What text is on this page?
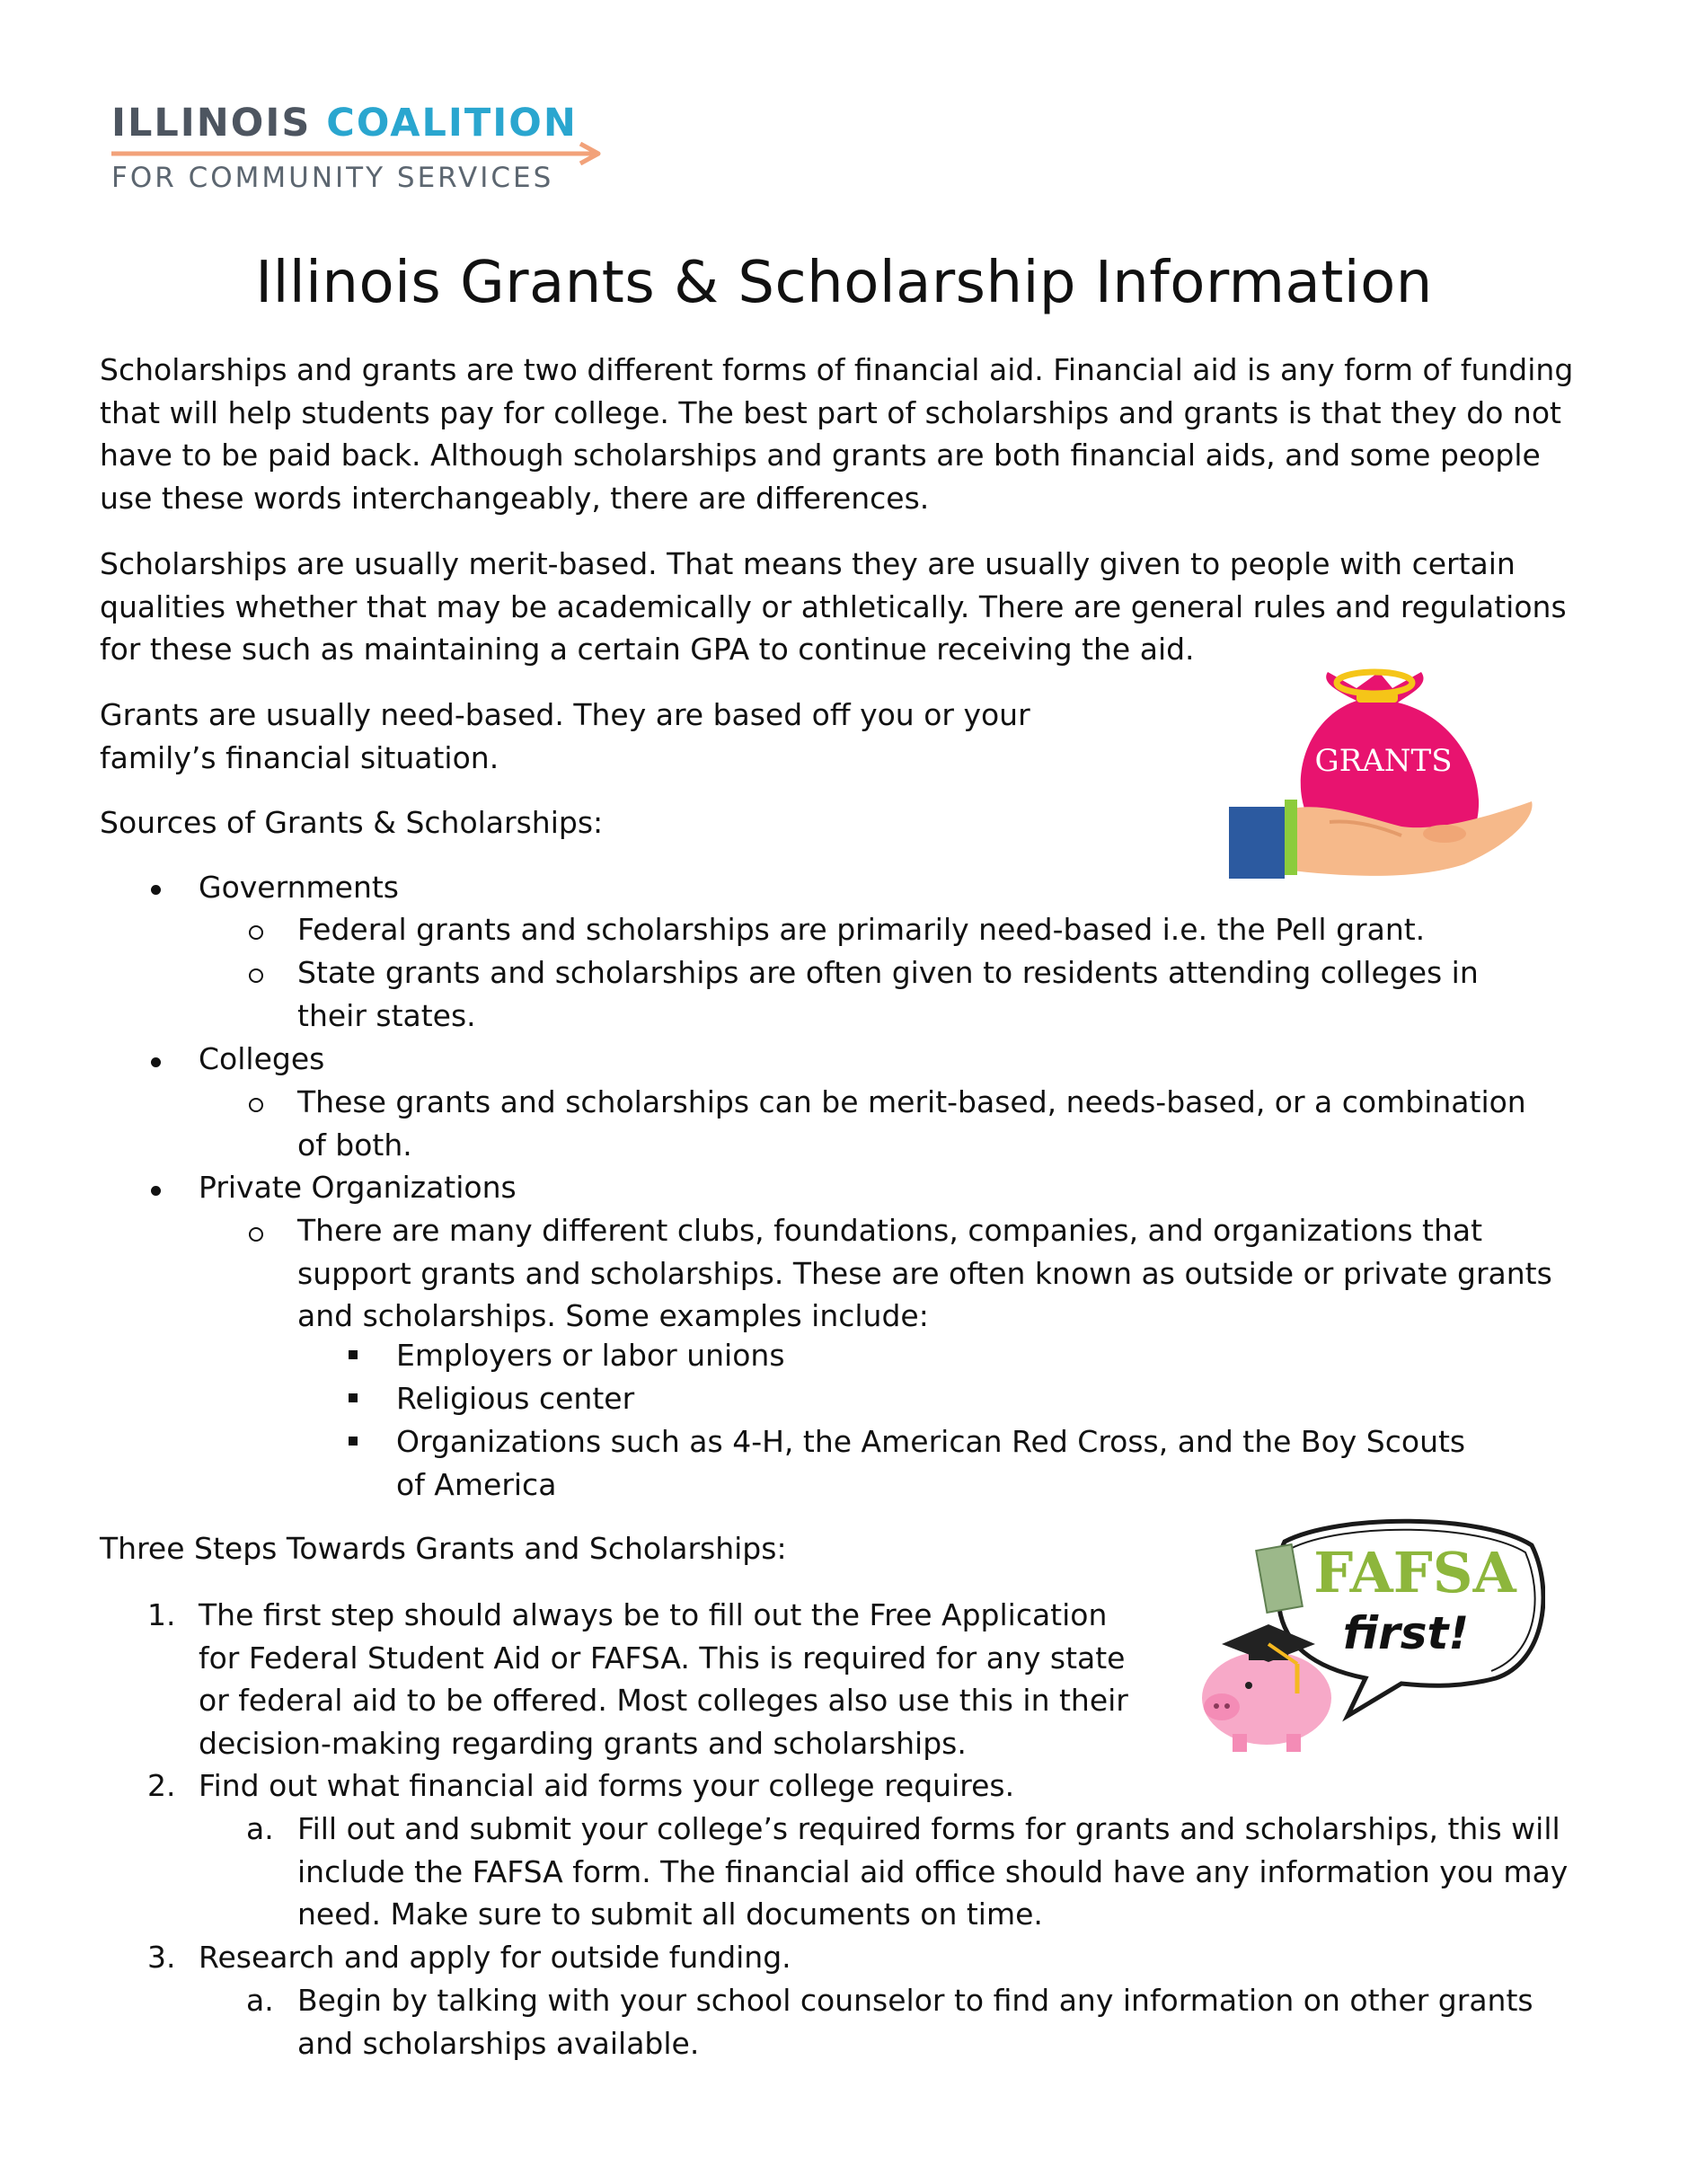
ILLINOIS COALITION
FOR COMMUNITY SERVICES
Illinois Grants & Scholarship Information

Scholarships and grants are two different forms of financial aid. Financial aid is any form of funding that will help students pay for college. The best part of scholarships and grants is that they do not have to be paid back. Although scholarships and grants are both financial aids, and some people use these words interchangeably, there are differences.

Scholarships are usually merit-based. That means they are usually given to people with certain qualities whether that may be academically or athletically. There are general rules and regulations for these such as maintaining a certain GPA to continue receiving the aid.

Grants are usually need-based. They are based off you or your family’s financial situation.

Sources of Grants & Scholarships:

Governments
Federal grants and scholarships are primarily need-based i.e. the Pell grant.
State grants and scholarships are often given to residents attending colleges in their states.
Colleges
These grants and scholarships can be merit-based, needs-based, or a combination of both.
Private Organizations
There are many different clubs, foundations, companies, and organizations that support grants and scholarships. These are often known as outside or private grants and scholarships. Some examples include:
Employers or labor unions
Religious center
Organizations such as 4-H, the American Red Cross, and the Boy Scouts of America

Three Steps Towards Grants and Scholarships:

1. The first step should always be to fill out the Free Application for Federal Student Aid or FAFSA. This is required for any state or federal aid to be offered. Most colleges also use this in their decision-making regarding grants and scholarships.
2. Find out what financial aid forms your college requires.
a. Fill out and submit your college’s required forms for grants and scholarships, this will include the FAFSA form. The financial aid office should have any information you may need. Make sure to submit all documents on time.
3. Research and apply for outside funding.
a. Begin by talking with your school counselor to find any information on other grants and scholarships available.
GRANTS
FAFSA
first!
